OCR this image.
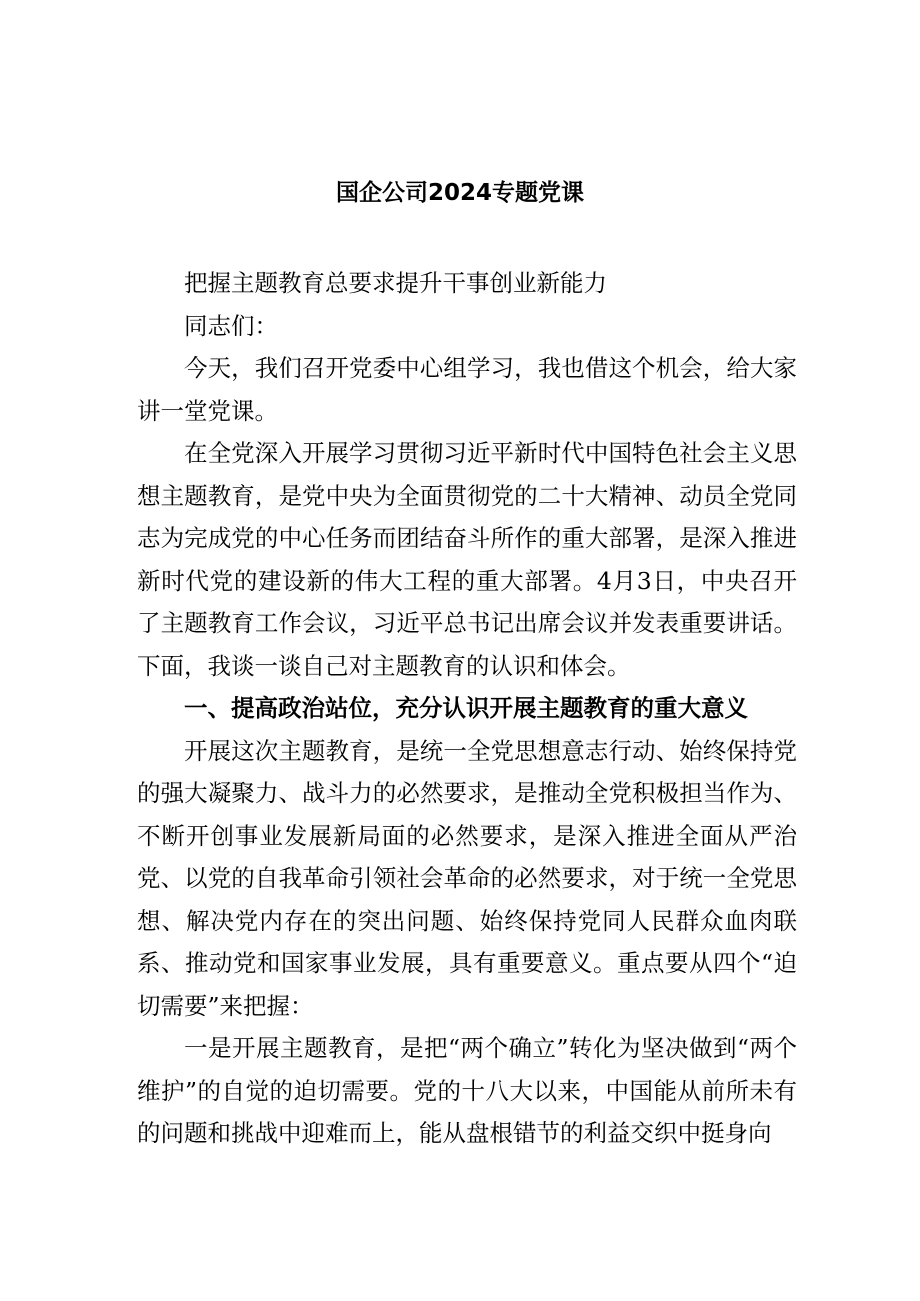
国企公司2024专题党课

把握主题教育总要求提升干事创业新能力

同志们：

今天，我们召开党委中心组学习，我也借这个机会，给大家讲一堂党课。

在全党深入开展学习贯彻习近平新时代中国特色社会主义思想主题教育，是党中央为全面贯彻党的二十大精神、动员全党同志为完成党的中心任务而团结奋斗所作的重大部署，是深入推进新时代党的建设新的伟大工程的重大部署。4月3日，中央召开了主题教育工作会议，习近平总书记出席会议并发表重要讲话。下面，我谈一谈自己对主题教育的认识和体会。

一、提高政治站位，充分认识开展主题教育的重大意义

开展这次主题教育，是统一全党思想意志行动、始终保持党的强大凝聚力、战斗力的必然要求，是推动全党积极担当作为、不断开创事业发展新局面的必然要求，是深入推进全面从严治党、以党的自我革命引领社会革命的必然要求，对于统一全党思想、解决党内存在的突出问题、始终保持党同人民群众血肉联系、推动党和国家事业发展，具有重要意义。重点要从四个“迫切需要”来把握：

一是开展主题教育，是把“两个确立”转化为坚决做到“两个维护”的自觉的迫切需要。党的十八大以来，中国能从前所未有的问题和挑战中迎难而上，能从盘根错节的利益交织中挺身向
